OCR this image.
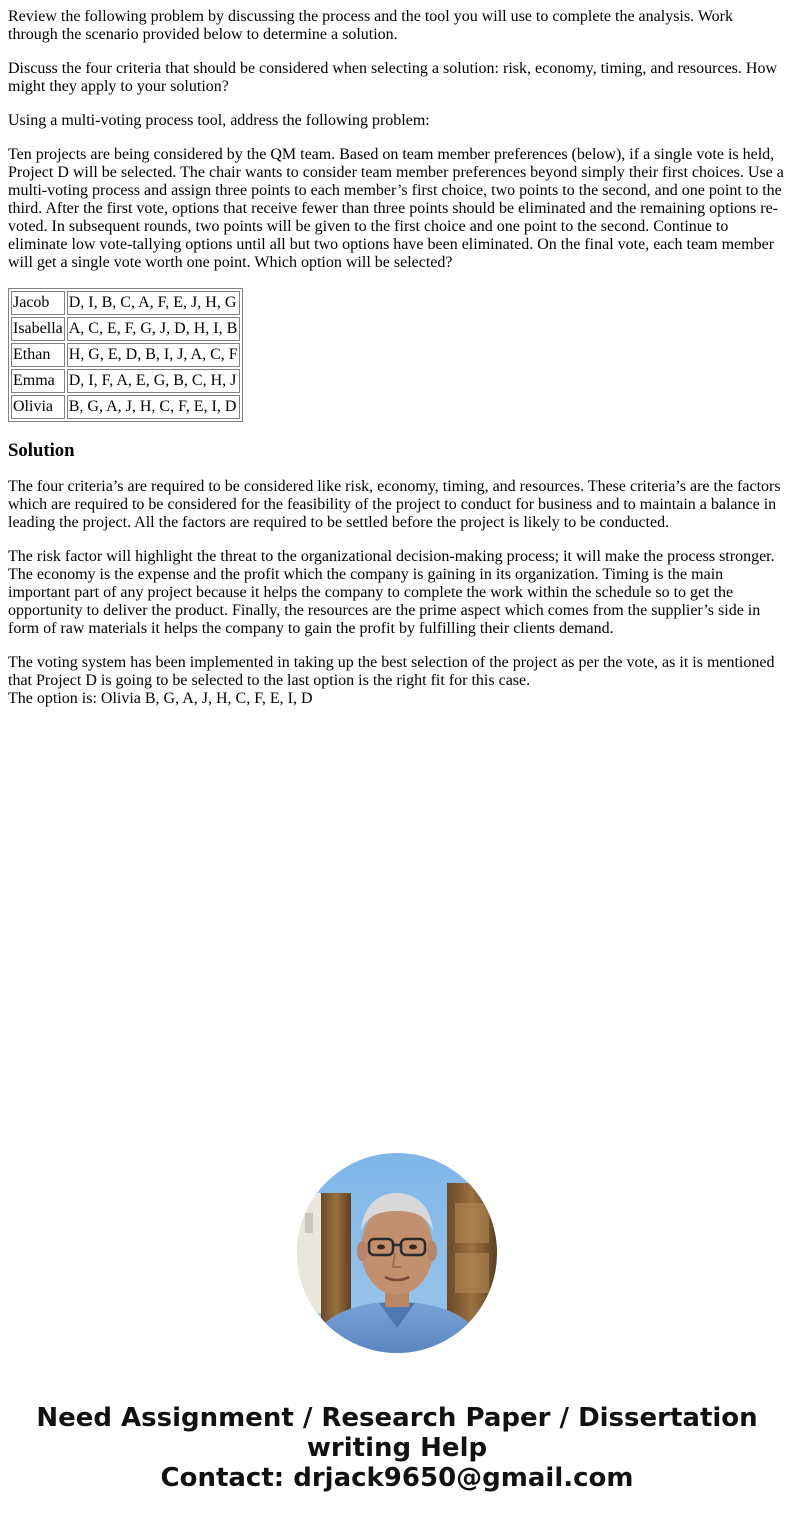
Review the following problem by discussing the process and the tool you will use to complete the analysis. Work through the scenario provided below to determine a solution.

Discuss the four criteria that should be considered when selecting a solution: risk, economy, timing, and resources. How might they apply to your solution?

Using a multi-voting process tool, address the following problem:

Ten projects are being considered by the QM team. Based on team member preferences (below), if a single vote is held, Project D will be selected. The chair wants to consider team member preferences beyond simply their first choices. Use a multi-voting process and assign three points to each member’s first choice, two points to the second, and one point to the third. After the first vote, options that receive fewer than three points should be eliminated and the remaining options re-voted. In subsequent rounds, two points will be given to the first choice and one point to the second. Continue to eliminate low vote-tallying options until all but two options have been eliminated. On the final vote, each team member will get a single vote worth one point. Which option will be selected?

Jacob	D, I, B, C, A, F, E, J, H, G
Isabella	A, C, E, F, G, J, D, H, I, B
Ethan	H, G, E, D, B, I, J, A, C, F
Emma	D, I, F, A, E, G, B, C, H, J
Olivia	B, G, A, J, H, C, F, E, I, D
Solution

The four criteria’s are required to be considered like risk, economy, timing, and resources. These criteria’s are the factors which are required to be considered for the feasibility of the project to conduct for business and to maintain a balance in leading the project. All the factors are required to be settled before the project is likely to be conducted.

The risk factor will highlight the threat to the organizational decision-making process; it will make the process stronger. The economy is the expense and the profit which the company is gaining in its organization. Timing is the main important part of any project because it helps the company to complete the work within the schedule so to get the opportunity to deliver the product. Finally, the resources are the prime aspect which comes from the supplier’s side in form of raw materials it helps the company to gain the profit by fulfilling their clients demand.

The voting system has been implemented in taking up the best selection of the project as per the vote, as it is mentioned that Project D is going to be selected to the last option is the right fit for this case.

The option is: Olivia B, G, A, J, H, C, F, E, I, D

Need Assignment / Research Paper / Dissertation
writing Help
Contact: drjack9650@gmail.com
